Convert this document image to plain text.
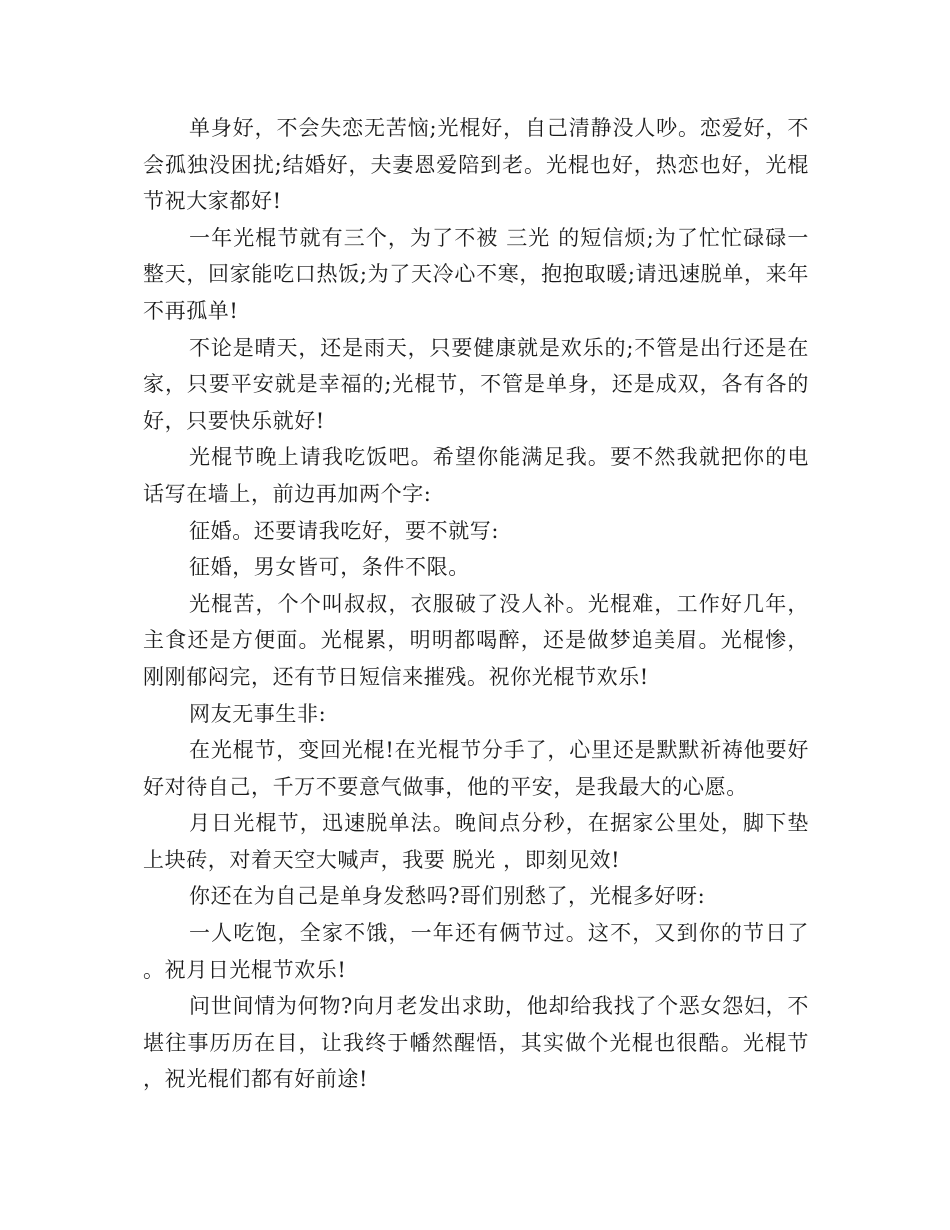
单身好，不会失恋无苦恼;光棍好，自己清静没人吵。恋爱好，不会孤独没困扰;结婚好，夫妻恩爱陪到老。光棍也好，热恋也好，光棍节祝大家都好!

一年光棍节就有三个，为了不被 三光 的短信烦;为了忙忙碌碌一整天，回家能吃口热饭;为了天冷心不寒，抱抱取暖;请迅速脱单，来年不再孤单!

不论是晴天，还是雨天，只要健康就是欢乐的;不管是出行还是在家，只要平安就是幸福的;光棍节，不管是单身，还是成双，各有各的好，只要快乐就好!

光棍节晚上请我吃饭吧。希望你能满足我。要不然我就把你的电话写在墙上，前边再加两个字:

征婚。还要请我吃好，要不就写:

征婚，男女皆可，条件不限。

光棍苦，个个叫叔叔，衣服破了没人补。光棍难，工作好几年，主食还是方便面。光棍累，明明都喝醉，还是做梦追美眉。光棍惨，刚刚郁闷完，还有节日短信来摧残。祝你光棍节欢乐!

网友无事生非:

在光棍节，变回光棍!在光棍节分手了，心里还是默默祈祷他要好好对待自己，千万不要意气做事，他的平安，是我最大的心愿。

月日光棍节，迅速脱单法。晚间点分秒，在据家公里处，脚下垫上块砖，对着天空大喊声，我要 脱光 ，即刻见效!

你还在为自己是单身发愁吗?哥们别愁了，光棍多好呀:

一人吃饱，全家不饿，一年还有俩节过。这不，又到你的节日了。祝月日光棍节欢乐!

问世间情为何物?向月老发出求助，他却给我找了个恶女怨妇，不堪往事历历在目，让我终于幡然醒悟，其实做个光棍也很酷。光棍节，祝光棍们都有好前途!
